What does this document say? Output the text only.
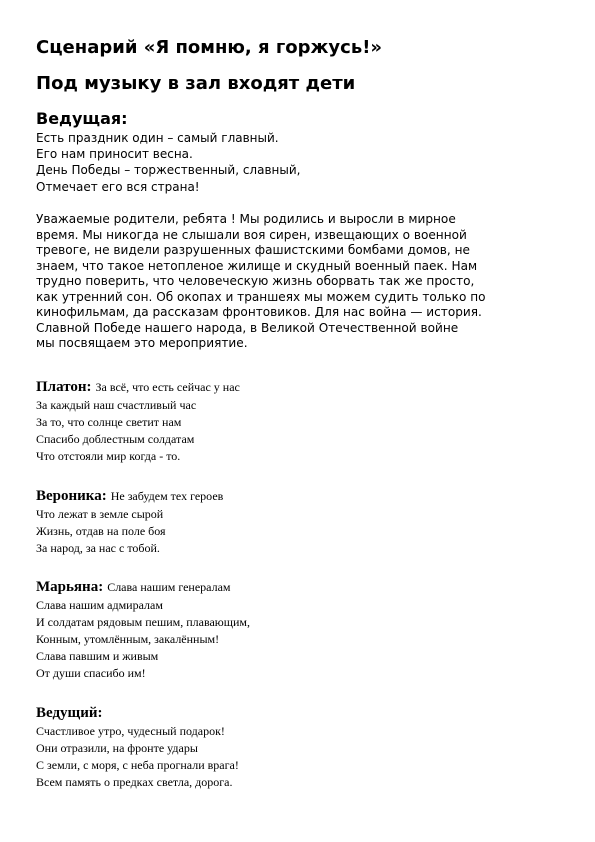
Сценарий «Я помню, я горжусь!»
Под музыку в зал входят дети
Ведущая:
Есть праздник один – самый главный.
Его нам приносит весна.
День Победы – торжественный, славный,
Отмечает его вся страна!
Уважаемые родители, ребята ! Мы родились и выросли в мирное
время. Мы никогда не слышали воя сирен, извещающих о военной
тревоге, не видели разрушенных фашистскими бомбами домов, не
знаем, что такое нетопленое жилище и скудный военный паек. Нам
трудно поверить, что человеческую жизнь оборвать так же просто,
как утренний сон. Об окопах и траншеях мы можем судить только по
кинофильмам, да рассказам фронтовиков. Для нас война — история.
Славной Победе нашего народа, в Великой Отечественной войне
мы посвящаем это мероприятие.
Платон: За всё, что есть сейчас у нас
За каждый наш счастливый час
За то, что солнце светит нам
Спасибо доблестным солдатам
Что отстояли мир когда - то.
Вероника: Не забудем тех героев
Что лежат в земле сырой
Жизнь, отдав на поле боя
За народ, за нас с тобой.
Марьяна: Слава нашим генералам
Слава нашим адмиралам
И солдатам рядовым пешим, плавающим,
Конным, утомлённым, закалённым!
Слава павшим и живым
От души спасибо им!
Ведущий:
Счастливое утро, чудесный подарок!
Они отразили, на фронте удары
С земли, с моря, с неба прогнали врага!
Всем память о предках светла, дорога.
